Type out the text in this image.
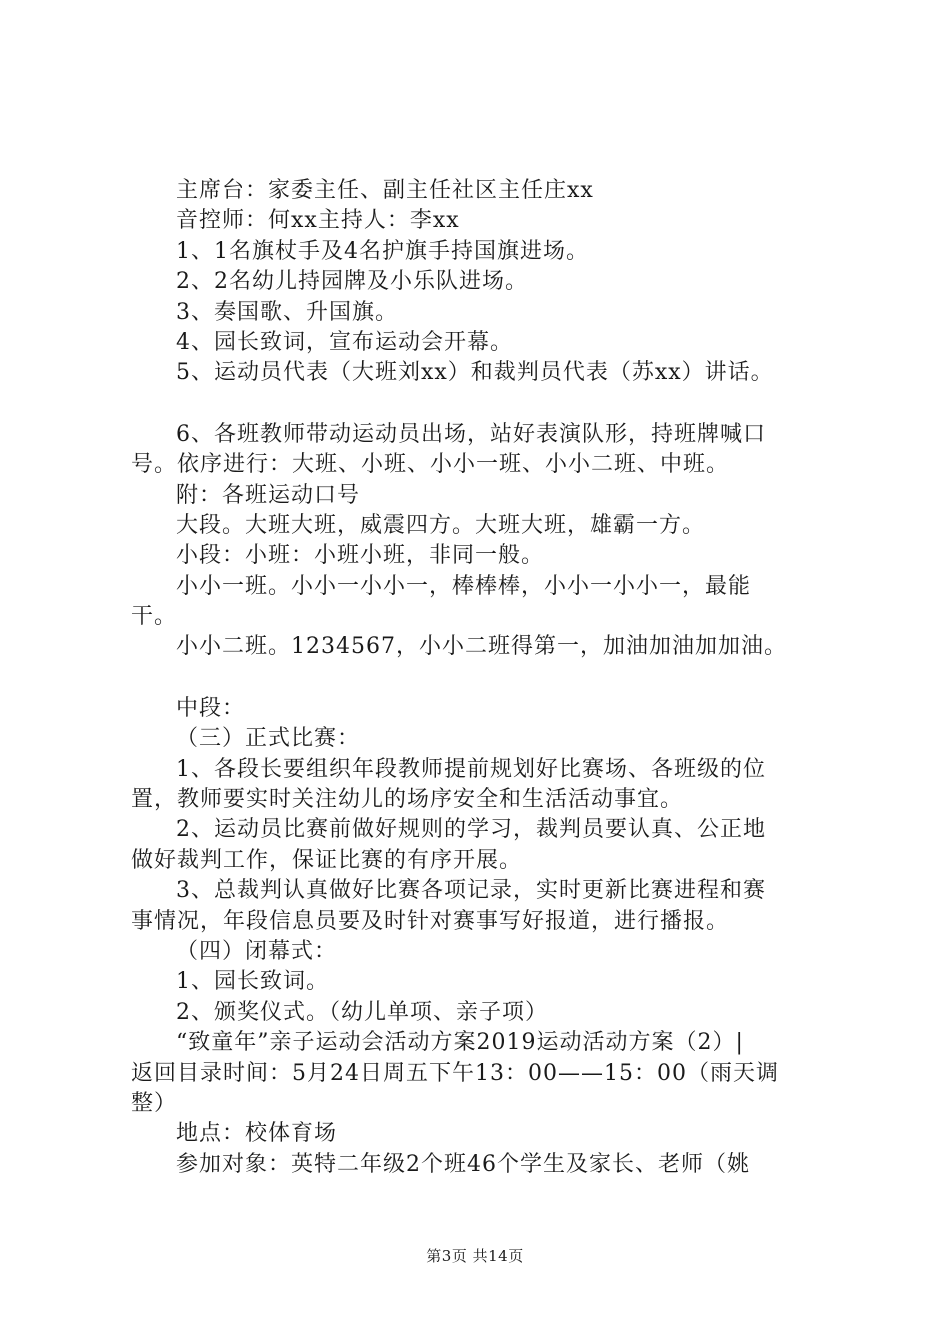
主席台：家委主任、副主任社区主任庄xx
音控师：何xx主持人：李xx
1、1名旗杖手及4名护旗手持国旗进场。
2、2名幼儿持园牌及小乐队进场。
3、奏国歌、升国旗。
4、园长致词，宣布运动会开幕。
5、运动员代表（大班刘xx）和裁判员代表（苏xx）讲话。
6、各班教师带动运动员出场，站好表演队形，持班牌喊口
号。依序进行：大班、小班、小小一班、小小二班、中班。
附：各班运动口号
大段。大班大班，威震四方。大班大班，雄霸一方。
小段：小班：小班小班，非同一般。
小小一班。小小一小小一，棒棒棒，小小一小小一，最能
干。
小小二班。1234567，小小二班得第一，加油加油加加油。
中段：
（三）正式比赛：
1、各段长要组织年段教师提前规划好比赛场、各班级的位
置，教师要实时关注幼儿的场序安全和生活活动事宜。
2、运动员比赛前做好规则的学习，裁判员要认真、公正地
做好裁判工作，保证比赛的有序开展。
3、总裁判认真做好比赛各项记录，实时更新比赛进程和赛
事情况，年段信息员要及时针对赛事写好报道，进行播报。
（四）闭幕式：
1、园长致词。
2、颁奖仪式。（幼儿单项、亲子项）
“致童年”亲子运动会活动方案2019运动活动方案（2）|
返回目录时间：5月24日周五下午13：00——15：00（雨天调
整）
地点：校体育场
参加对象：英特二年级2个班46个学生及家长、老师（姚
第3页 共14页
